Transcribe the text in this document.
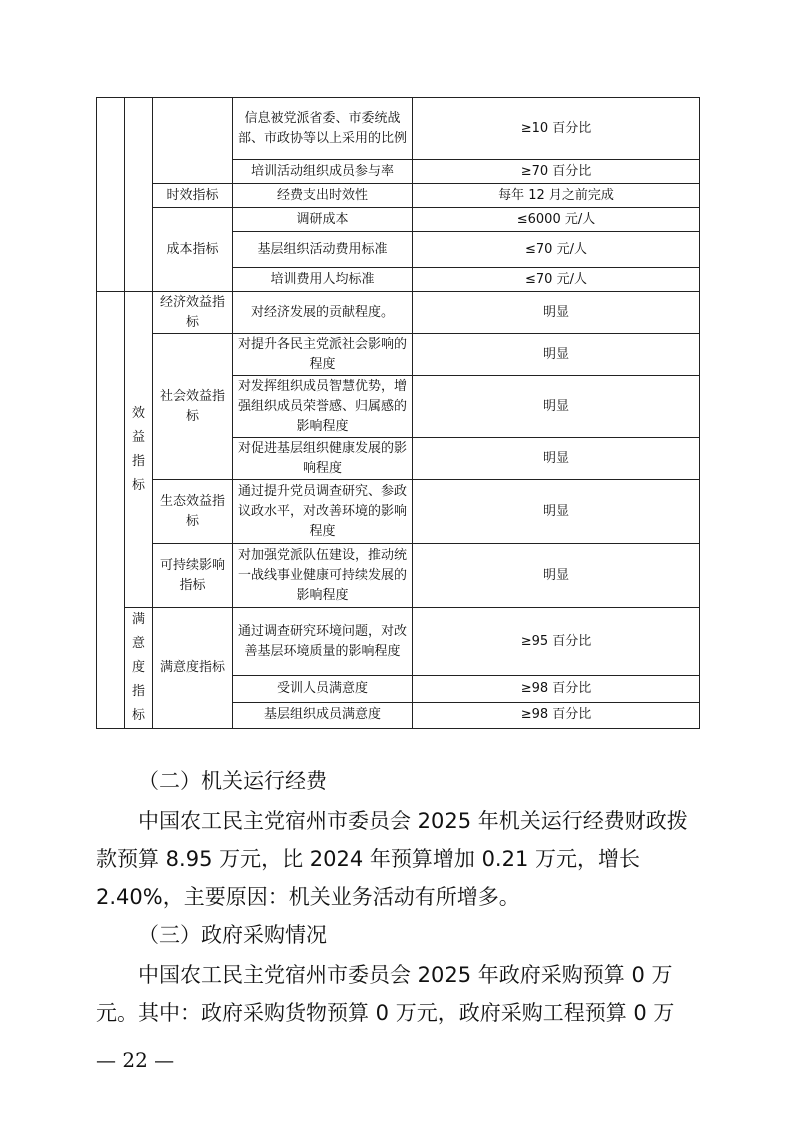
			信息被党派省委、市委统战部、市政协等以上采用的比例	≥10 百分比
			培训活动组织成员参与率	≥70 百分比
		时效指标	经费支出时效性	每年 12 月之前完成
		成本指标	调研成本	≤6000 元/人
			基层组织活动费用标准	≤70 元/人
			培训费用人均标准	≤70 元/人

	效益指标	经济效益指标	对经济发展的贡献程度。	明显
		社会效益指标	对提升各民主党派社会影响的程度	明显
			对发挥组织成员智慧优势，增强组织成员荣誉感、归属感的影响程度	明显
			对促进基层组织健康发展的影响程度	明显
		生态效益指标	通过提升党员调查研究、参政议政水平，对改善环境的影响程度	明显
		可持续影响指标	对加强党派队伍建设，推动统一战线事业健康可持续发展的影响程度	明显

	满意度指标	满意度指标	通过调查研究环境问题，对改善基层环境质量的影响程度	≥95 百分比
			受训人员满意度	≥98 百分比
			基层组织成员满意度	≥98 百分比

（二）机关运行经费

中国农工民主党宿州市委员会 2025 年机关运行经费财政拨款预算 8.95 万元，比 2024 年预算增加 0.21 万元，增长 2.40%，主要原因：机关业务活动有所增多。

（三）政府采购情况

中国农工民主党宿州市委员会 2025 年政府采购预算 0 万元。其中：政府采购货物预算 0 万元，政府采购工程预算 0 万

— 22 —
